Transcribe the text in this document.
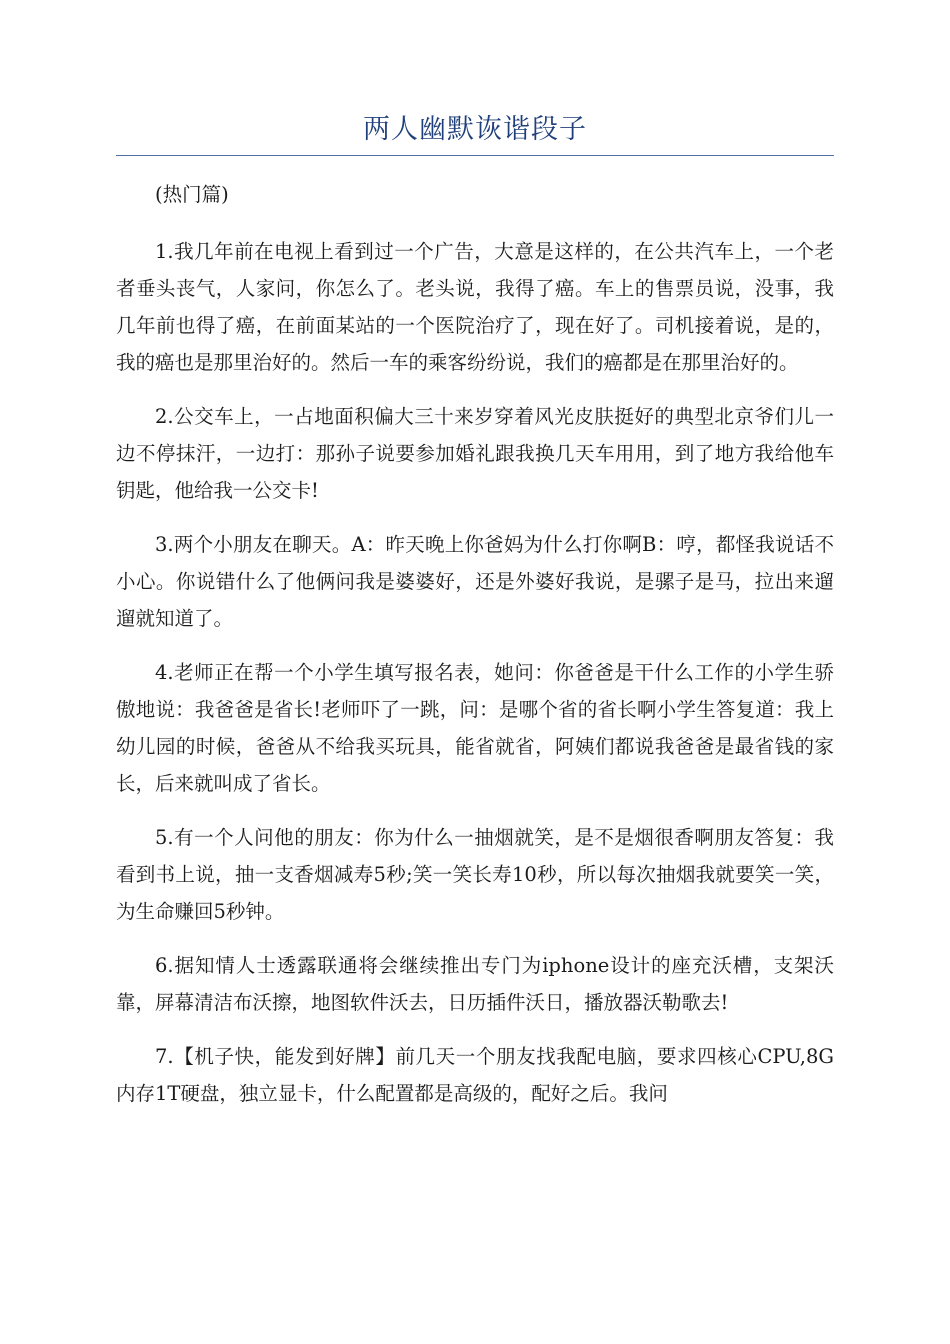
两人幽默诙谐段子

(热门篇)

1.我几年前在电视上看到过一个广告，大意是这样的，在公共汽车上，一个老者垂头丧气，人家问，你怎么了。老头说，我得了癌。车上的售票员说，没事，我几年前也得了癌，在前面某站的一个医院治疗了，现在好了。司机接着说，是的，我的癌也是那里治好的。然后一车的乘客纷纷说，我们的癌都是在那里治好的。

2.公交车上，一占地面积偏大三十来岁穿着风光皮肤挺好的典型北京爷们儿一边不停抹汗，一边打：那孙子说要参加婚礼跟我换几天车用用，到了地方我给他车钥匙，他给我一公交卡!

3.两个小朋友在聊天。A：昨天晚上你爸妈为什么打你啊B：哼，都怪我说话不小心。你说错什么了他俩问我是婆婆好，还是外婆好我说，是骡子是马，拉出来遛遛就知道了。

4.老师正在帮一个小学生填写报名表，她问：你爸爸是干什么工作的小学生骄傲地说：我爸爸是省长!老师吓了一跳，问：是哪个省的省长啊小学生答复道：我上幼儿园的时候，爸爸从不给我买玩具，能省就省，阿姨们都说我爸爸是最省钱的家长，后来就叫成了省长。

5.有一个人问他的朋友：你为什么一抽烟就笑，是不是烟很香啊朋友答复：我看到书上说，抽一支香烟减寿5秒;笑一笑长寿10秒，所以每次抽烟我就要笑一笑，为生命赚回5秒钟。

6.据知情人士透露联通将会继续推出专门为iphone设计的座充沃槽，支架沃靠，屏幕清洁布沃擦，地图软件沃去，日历插件沃日，播放器沃勒歌去!

7.【机子快，能发到好牌】前几天一个朋友找我配电脑，要求四核心CPU,8G内存1T硬盘，独立显卡，什么配置都是高级的，配好之后。我问
